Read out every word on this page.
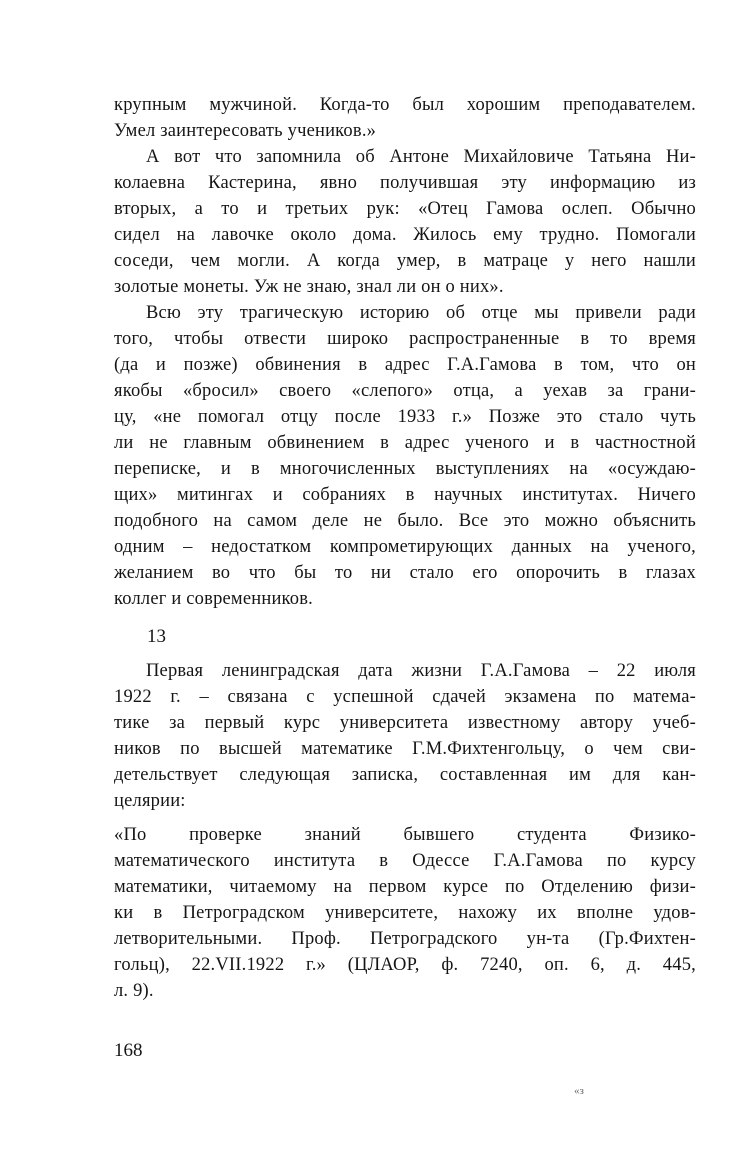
крупным мужчиной. Когда-то был хорошим преподавателем.
Умел заинтересовать учеников.»
А вот что запомнила об Антоне Михайловиче Татьяна Ни-
колаевна Кастерина, явно получившая эту информацию из
вторых, а то и третьих рук: «Отец Гамова ослеп. Обычно
сидел на лавочке около дома. Жилось ему трудно. Помогали
соседи, чем могли. А когда умер, в матраце у него нашли
золотые монеты. Уж не знаю, знал ли он о них».
Всю эту трагическую историю об отце мы привели ради
того, чтобы отвести широко распространенные в то время
(да и позже) обвинения в адрес Г.А.Гамова в том, что он
якобы «бросил» своего «слепого» отца, а уехав за грани-
цу, «не помогал отцу после 1933 г.» Позже это стало чуть
ли не главным обвинением в адрес ученого и в частностной
переписке, и в многочисленных выступлениях на «осуждаю-
щих» митингах и собраниях в научных институтах. Ничего
подобного на самом деле не было. Все это можно объяснить
одним – недостатком компрометирующих данных на ученого,
желанием во что бы то ни стало его опорочить в глазах
коллег и современников.
13
Первая ленинградская дата жизни Г.А.Гамова – 22 июля
1922 г. – связана с успешной сдачей экзамена по матема-
тике за первый курс университета известному автору учеб-
ников по высшей математике Г.М.Фихтенгольцу, о чем сви-
детельствует следующая записка, составленная им для кан-
целярии:
«По проверке знаний бывшего студента Физико-
математического института в Одессе Г.А.Гамова по курсу
математики, читаемому на первом курсе по Отделению физи-
ки в Петроградском университете, нахожу их вполне удов-
летворительными. Проф. Петроградского ун-та (Гр.Фихтен-
гольц), 22.VII.1922 г.» (ЦЛАОР, ф. 7240, оп. 6, д. 445,
л. 9).
168
«з
